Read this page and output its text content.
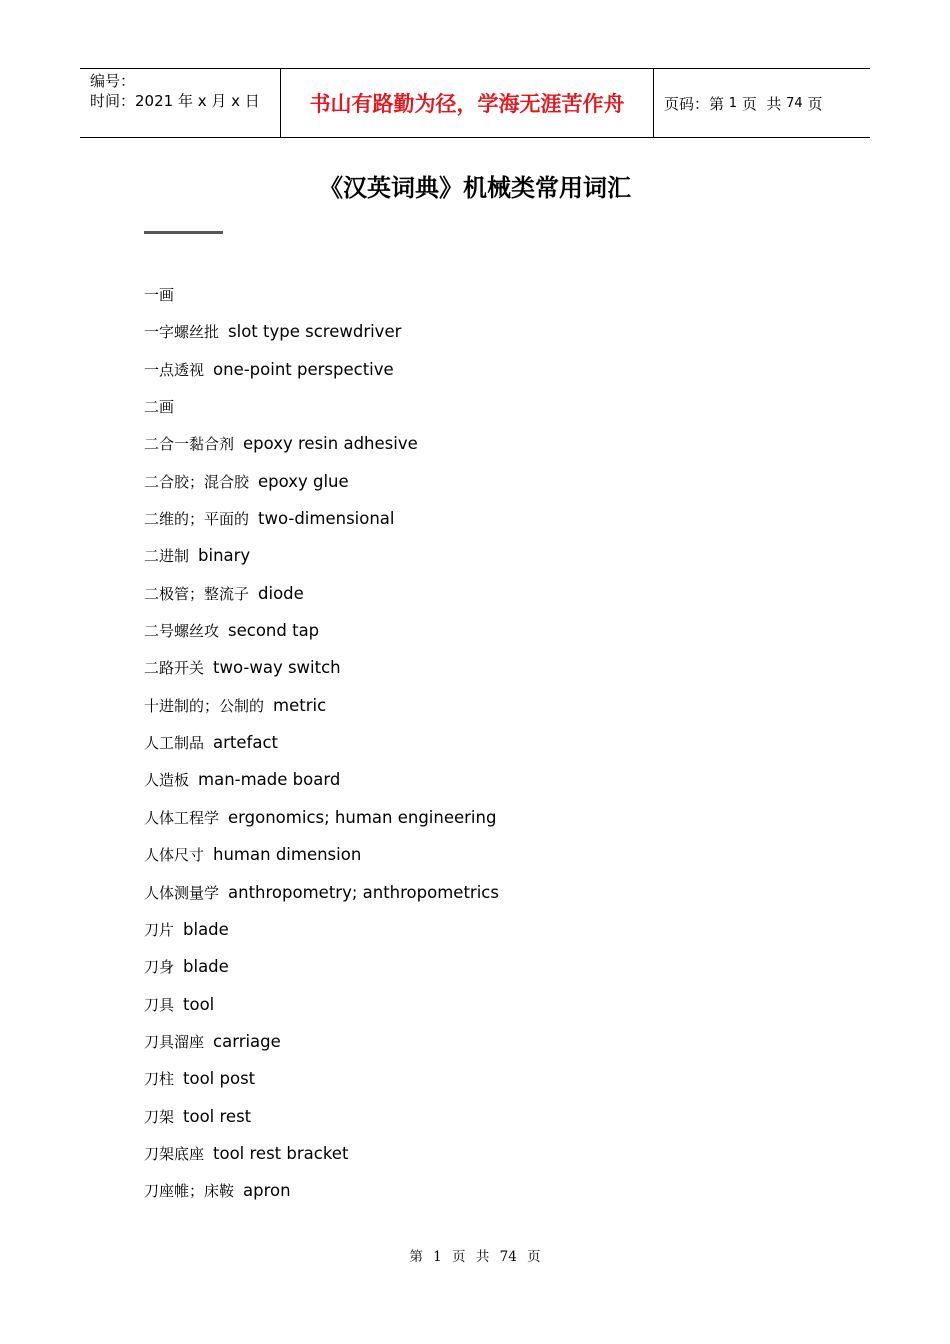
编号：
时间：2021 年 x 月 x 日	书山有路勤为径，学海无涯苦作舟	页码：第 1 页  共 74 页
《汉英词典》机械类常用词汇
一画
一字螺丝批 slot type screwdriver
一点透视 one-point perspective
二画
二合一黏合剂 epoxy resin adhesive
二合胶；混合胶 epoxy glue
二维的；平面的 two-dimensional
二进制 binary
二极管；整流子 diode
二号螺丝攻 second tap
二路开关 two-way switch
十进制的；公制的 metric
人工制品 artefact
人造板 man-made board
人体工程学 ergonomics; human engineering
人体尺寸 human dimension
人体测量学 anthropometry; anthropometrics
刀片 blade
刀身 blade
刀具 tool
刀具溜座 carriage
刀柱 tool post
刀架 tool rest
刀架底座 tool rest bracket
刀座帷；床鞍 apron
第 1 页 共 74 页
